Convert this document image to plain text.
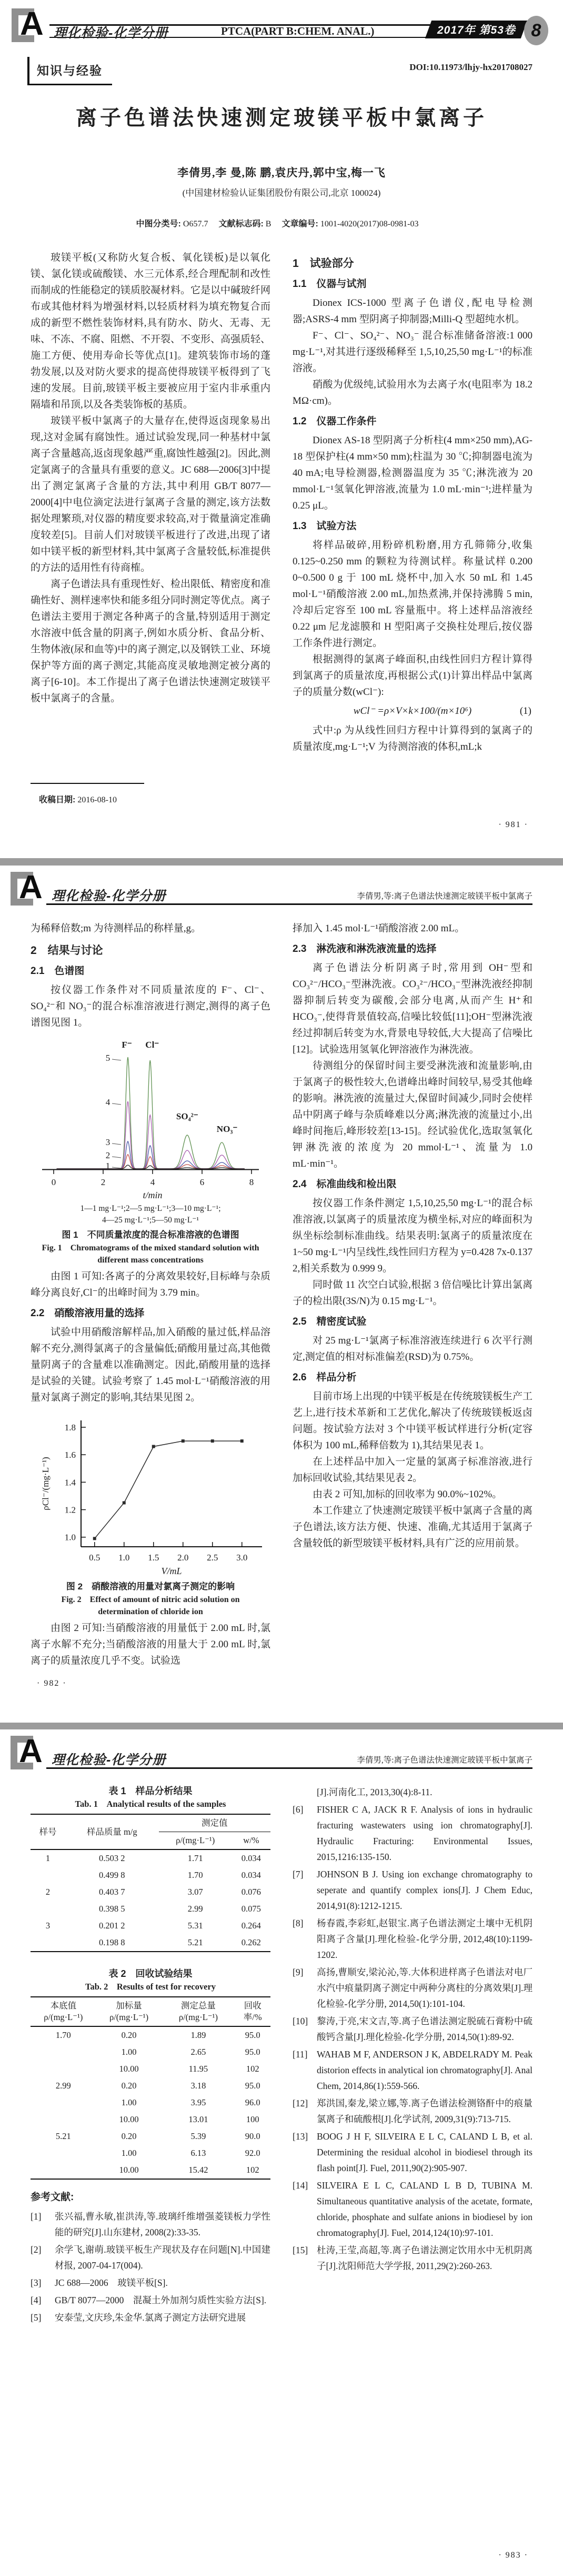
A 理化检验-化学分册	PTCA(PART B:CHEM. ANAL.)	2017年 第53卷 8
知识与经验	DOI:10.11973/lhjy-hx201708027
离子色谱法快速测定玻镁平板中氯离子
李倩男,李 曼,陈 鹏,袁庆丹,郭中宝,梅一飞
(中国建材检验认证集团股份有限公司,北京 100024)
中图分类号: O657.7 文献标志码: B 文章编号: 1001-4020(2017)08-0981-03
玻镁平板(又称防火复合板、氧化镁板)是以氧化镁、氯化镁或硫酸镁、水三元体系,经合理配制和改性而制成的性能稳定的镁质胶凝材料。它是以中碱玻纤网布或其他材料为增强材料,以轻质材料为填充物复合而成的新型不燃性装饰材料,具有防水、防火、无毒、无味、不冻、不腐、阻燃、不开裂、不变形、高强质轻、施工方便、使用寿命长等优点[1]。建筑装饰市场的蓬勃发展,以及对防火要求的提高使得玻镁平板得到了飞速的发展。目前,玻镁平板主要被应用于室内非承重内隔墙和吊顶,以及各类装饰板的基质。
玻镁平板中氯离子的大量存在,使得返卤现象易出现,这对金属有腐蚀性。通过试验发现,同一种基材中氯离子含量越高,返卤现象越严重,腐蚀性越强[2]。因此,测定氯离子的含量具有重要的意义。JC 688—2006[3]中提出了测定氯离子含量的方法,其中利用 GB/T 8077—2000[4]中电位滴定法进行氯离子含量的测定,该方法数据处理繁琐,对仪器的精度要求较高,对于微量滴定准确度较差[5]。目前人们对玻镁平板进行了改进,出现了诸如中镁平板的新型材料,其中氯离子含量较低,标准提供的方法的适用性有待商榷。
离子色谱法具有重现性好、检出限低、精密度和准确性好、测样速率快和能多组分同时测定等优点。离子色谱法主要用于测定各种离子的含量,特别适用于测定水溶液中低含量的阴离子,例如水质分析、食品分析、生物体液(尿和血等)中的离子测定,以及钢铁工业、环境保护等方面的离子测定,其能高度灵敏地测定被分离的离子[6-10]。本工作提出了离子色谱法快速测定玻镁平板中氯离子的含量。
1　试验部分
1.1　仪器与试剂
Dionex ICS-1000 型离子色谱仪,配电导检测器;ASRS-4 mm 型阴离子抑制器;Milli-Q 型超纯水机。
F⁻、Cl⁻、SO₄²⁻、NO₃⁻ 混合标准储备溶液:1 000 mg·L⁻¹,对其进行逐级稀释至 1,5,10,25,50 mg·L⁻¹的标准溶液。
硝酸为优级纯,试验用水为去离子水(电阻率为 18.2 MΩ·cm)。
1.2　仪器工作条件
Dionex AS-18 型阴离子分析柱(4 mm×250 mm),AG-18 型保护柱(4 mm×50 mm);柱温为 30 ℃;抑制器电流为 40 mA;电导检测器,检测器温度为 35 ℃;淋洗液为 20 mmol·L⁻¹氢氧化钾溶液,流量为 1.0 mL·min⁻¹;进样量为 0.25 μL。
1.3　试验方法
将样品破碎,用粉碎机粉磨,用方孔筛筛分,收集 0.125~0.250 mm 的颗粒为待测试样。称量试样 0.200 0~0.500 0 g 于 100 mL 烧杯中,加入水 50 mL 和 1.45 mol·L⁻¹硝酸溶液 2.00 mL,加热煮沸,并保持沸腾 5 min,冷却后定容至 100 mL 容量瓶中。将上述样品溶液经 0.22 μm 尼龙滤膜和 H 型阳离子交换柱处理后,按仪器工作条件进行测定。
根据测得的氯离子峰面积,由线性回归方程计算得到氯离子的质量浓度,再根据公式(1)计算出样品中氯离子的质量分数(wCl⁻):
wCl⁻ =ρ×V×k×100/(m×10⁶)	(1)
式中:ρ 为从线性回归方程中计算得到的氯离子的质量浓度,mg·L⁻¹;V 为待测溶液的体积,mL;k
收稿日期: 2016-08-10
· 981 ·
A 理化检验-化学分册	李倩男,等:离子色谱法快速测定玻镁平板中氯离子
为稀释倍数;m 为待测样品的称样量,g。
2　结果与讨论
2.1　色谱图
按仪器工作条件对不同质量浓度的 F⁻、Cl⁻、SO₄²⁻和 NO₃⁻的混合标准溶液进行测定,测得的离子色谱图见图 1。
0	2	4	6	8
t/min
F⁻ Cl⁻
SO₄²⁻
NO₃⁻
1
2
3
4
5
1—1 mg·L⁻¹;2—5 mg·L⁻¹;3—10 mg·L⁻¹;
4—25 mg·L⁻¹;5—50 mg·L⁻¹
图 1　不同质量浓度的混合标准溶液的色谱图
Fig. 1　Chromatograms of the mixed standard solution with
different mass concentrations
由图 1 可知:各离子的分离效果较好,目标峰与杂质峰分离良好,Cl⁻的出峰时间为 3.79 min。
2.2　硝酸溶液用量的选择
试验中用硝酸溶解样品,加入硝酸的量过低,样品溶解不充分,测得氯离子的含量偏低;硝酸用量过高,其他微量阴离子的含量难以准确测定。因此,硝酸用量的选择是试验的关键。试验考察了 1.45 mol·L⁻¹硝酸溶液的用量对氯离子测定的影响,其结果见图 2。
1.0
1.2
1.4
1.6
1.8
0.5 1.0 1.5 2.0 2.5 3.0
V/mL
ρCl⁻/(mg·L⁻¹)
图 2　硝酸溶液的用量对氯离子测定的影响
Fig. 2　Effect of amount of nitric acid solution on
determination of chloride ion
由图 2 可知:当硝酸溶液的用量低于 2.00 mL 时,氯离子水解不充分;当硝酸溶液的用量大于 2.00 mL 时,氯离子的质量浓度几乎不变。试验选
择加入 1.45 mol·L⁻¹硝酸溶液 2.00 mL。
2.3　淋洗液和淋洗液流量的选择
离子色谱法分析阴离子时,常用到 OH⁻型和 CO₃²⁻/HCO₃⁻型淋洗液。CO₃²⁻/HCO₃⁻型淋洗液经抑制器抑制后转变为碳酸,会部分电离,从而产生 H⁺和 HCO₃⁻,使得背景值较高,信噪比较低[11];OH⁻型淋洗液经过抑制后转变为水,背景电导较低,大大提高了信噪比[12]。试验选用氢氧化钾溶液作为淋洗液。
待测组分的保留时间主要受淋洗液和流量影响,由于氯离子的极性较大,色谱峰出峰时间较早,易受其他峰的影响。淋洗液的流量过大,保留时间减少,同时会使样品中阴离子峰与杂质峰难以分离;淋洗液的流量过小,出峰时间拖后,峰形较差[13-15]。经试验优化,选取氢氧化钾淋洗液的浓度为 20 mmol·L⁻¹、流量为 1.0 mL·min⁻¹。
2.4　标准曲线和检出限
按仪器工作条件测定 1,5,10,25,50 mg·L⁻¹的混合标准溶液,以氯离子的质量浓度为横坐标,对应的峰面积为纵坐标绘制标准曲线。结果表明:氯离子的质量浓度在 1~50 mg·L⁻¹内呈线性,线性回归方程为 y=0.428 7x-0.137 2,相关系数为 0.999 9。
同时做 11 次空白试验,根据 3 倍信噪比计算出氯离子的检出限(3S/N)为 0.15 mg·L⁻¹。
2.5　精密度试验
对 25 mg·L⁻¹氯离子标准溶液连续进行 6 次平行测定,测定值的相对标准偏差(RSD)为 0.75%。
2.6　样品分析
目前市场上出现的中镁平板是在传统玻镁板生产工艺上,进行技术革新和工艺优化,解决了传统玻镁板返卤问题。按试验方法对 3 个中镁平板试样进行分析(定容体积为 100 mL,稀释倍数为 1),其结果见表 1。
在上述样品中加入一定量的氯离子标准溶液,进行加标回收试验,其结果见表 2。
由表 2 可知,加标的回收率为 90.0%~102%。
本工作建立了快速测定玻镁平板中氯离子含量的离子色谱法,该方法方便、快速、准确,尤其适用于氯离子含量较低的新型玻镁平板材料,具有广泛的应用前景。
· 982 ·
A 理化检验-化学分册	李倩男,等:离子色谱法快速测定玻镁平板中氯离子
表 1　样品分析结果
Tab. 1　Analytical results of the samples
样号	样品质量 m/g	测定值	
		ρ/(mg·L⁻¹)	w/%
1	0.503 2	1.71	0.034
	0.499 8	1.70	0.034
2	0.403 7	3.07	0.076
	0.398 5	2.99	0.075
3	0.201 2	5.31	0.264
	0.198 8	5.21	0.262
表 2　回收试验结果
Tab. 2　Results of test for recovery
本底值 ρ/(mg·L⁻¹)	加标量 ρ/(mg·L⁻¹)	测定总量 ρ/(mg·L⁻¹)	回收率/%
1.70	0.20	1.89	95.0
	1.00	2.65	95.0
	10.00	11.95	102
2.99	0.20	3.18	95.0
	1.00	3.95	96.0
	10.00	13.01	100
5.21	0.20	5.39	90.0
	1.00	6.13	92.0
	10.00	15.42	102
参考文献:
[1]	张兴福,曹永敏,崔洪涛,等.玻璃纤维增强菱镁板力学性能的研究[J].山东建材, 2008(2):33-35.
[2]	余学飞,谢萌.玻镁平板生产现状及存在问题[N].中国建材报, 2007-04-17(004).
[3]	JC 688—2006　玻镁平板[S].
[4]	GB/T 8077—2000　混凝土外加剂匀质性实验方法[S].
[5]	安泰莹,文庆珍,朱金华.氯离子测定方法研究进展
[J].河南化工, 2013,30(4):8-11.
[6]	FISHER C A, JACK R F. Analysis of ions in hydraulic fracturing wastewaters using ion chromatography[J]. Hydraulic Fracturing: Environmental Issues, 2015,1216:135-150.
[7]	JOHNSON B J. Using ion exchange chromatography to seperate and quantify complex ions[J]. J Chem Educ, 2014,91(8):1212-1215.
[8]	杨春霞,李彩虹,赵银宝.离子色谱法测定土壤中无机阴阳离子含量[J].理化检验-化学分册, 2012,48(10):1199-1202.
[9]	高扬,曹顺安,梁沁沁,等.大体积进样离子色谱法对电厂水汽中痕量阴离子测定中两种分离柱的分离效果[J].理化检验-化学分册, 2014,50(1):101-104.
[10] 黎涛,于亮,宋文吉,等.离子色谱法测定脱硫石膏粉中硫酸钙含量[J].理化检验-化学分册, 2014,50(1):89-92.
[11] WAHAB M F, ANDERSON J K, ABDELRADY M. Peak distorion effects in analytical ion chromatography[J]. Anal Chem, 2014,86(1):559-566.
[12] 郑洪国,秦龙,梁立娜,等.离子色谱法检测铬酐中的痕量氯离子和硫酸根[J].化学试剂, 2009,31(9):713-715.
[13] BOOG J H F, SILVEIRA E L C, CALAND L B, et al. Determining the residual alcohol in biodiesel through its flash point[J]. Fuel, 2011,90(2):905-907.
[14] SILVEIRA E L C, CALAND L B D, TUBINA M. Simultaneous quantitative analysis of the acetate, formate, chloride, phosphate and sulfate anions in biodiesel by ion chromatography[J]. Fuel, 2014,124(10):97-101.
[15] 杜涛,王莹,高超,等.离子色谱法测定饮用水中无机阴离子[J].沈阳师范大学学报, 2011,29(2):260-263.
· 983 ·
